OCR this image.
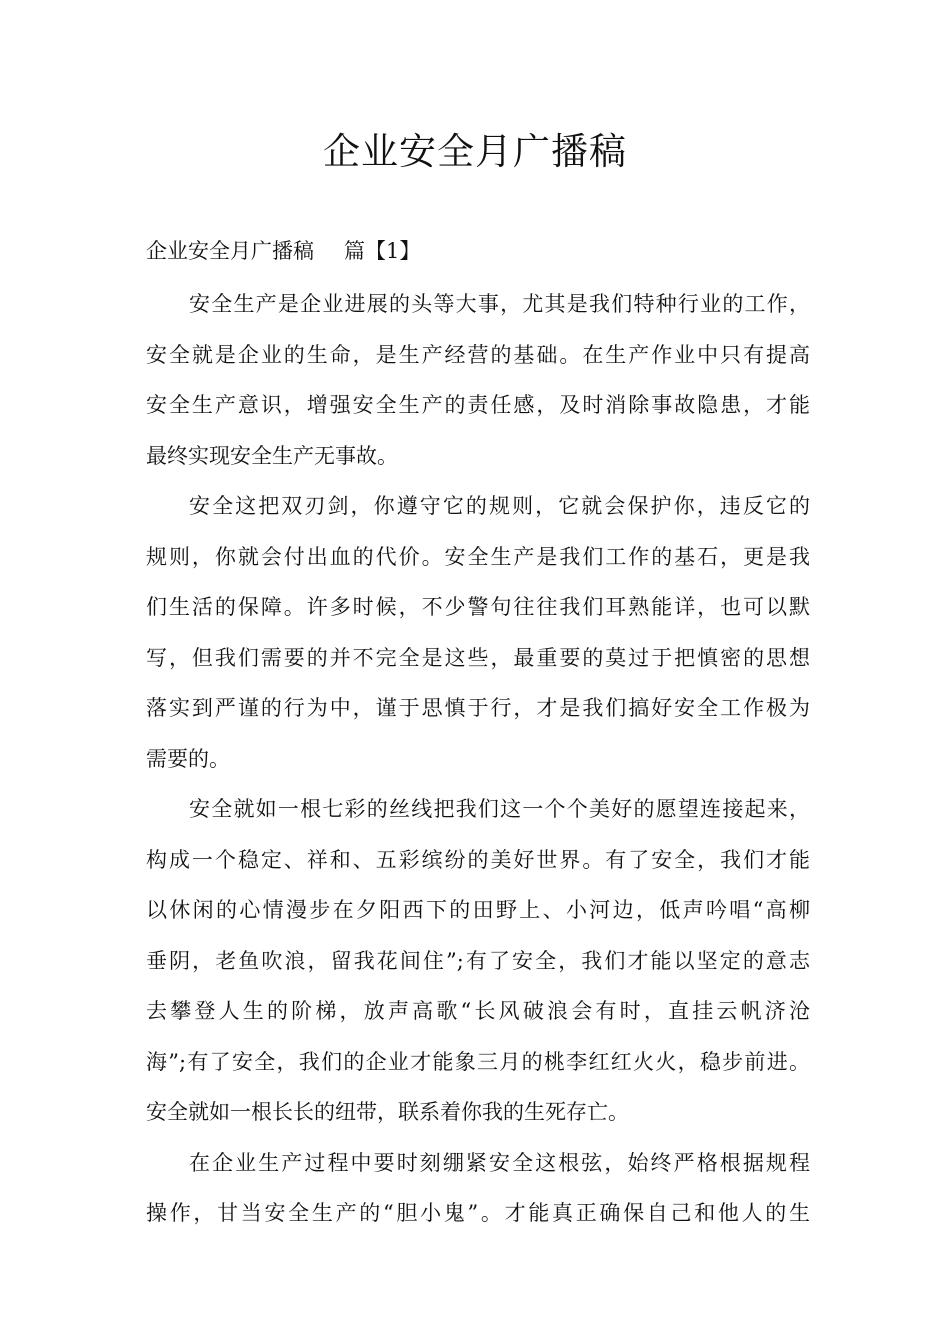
企业安全月广播稿

企业安全月广播稿 篇【1】

安全生产是企业进展的头等大事，尤其是我们特种行业的工作，
安全就是企业的生命，是生产经营的基础。在生产作业中只有提高
安全生产意识，增强安全生产的责任感，及时消除事故隐患，才能
最终实现安全生产无事故。
安全这把双刃剑，你遵守它的规则，它就会保护你，违反它的
规则，你就会付出血的代价。安全生产是我们工作的基石，更是我
们生活的保障。许多时候，不少警句往往我们耳熟能详，也可以默
写，但我们需要的并不完全是这些，最重要的莫过于把慎密的思想
落实到严谨的行为中，谨于思慎于行，才是我们搞好安全工作极为
需要的。
安全就如一根七彩的丝线把我们这一个个美好的愿望连接起来，
构成一个稳定、祥和、五彩缤纷的美好世界。有了安全，我们才能
以休闲的心情漫步在夕阳西下的田野上、小河边，低声吟唱“高柳
垂阴，老鱼吹浪，留我花间住”;有了安全，我们才能以坚定的意志
去攀登人生的阶梯，放声高歌“长风破浪会有时，直挂云帆济沧
海”;有了安全，我们的企业才能象三月的桃李红红火火，稳步前进。
安全就如一根长长的纽带，联系着你我的生死存亡。
在企业生产过程中要时刻绷紧安全这根弦，始终严格根据规程
操作，甘当安全生产的“胆小鬼”。才能真正确保自己和他人的生
